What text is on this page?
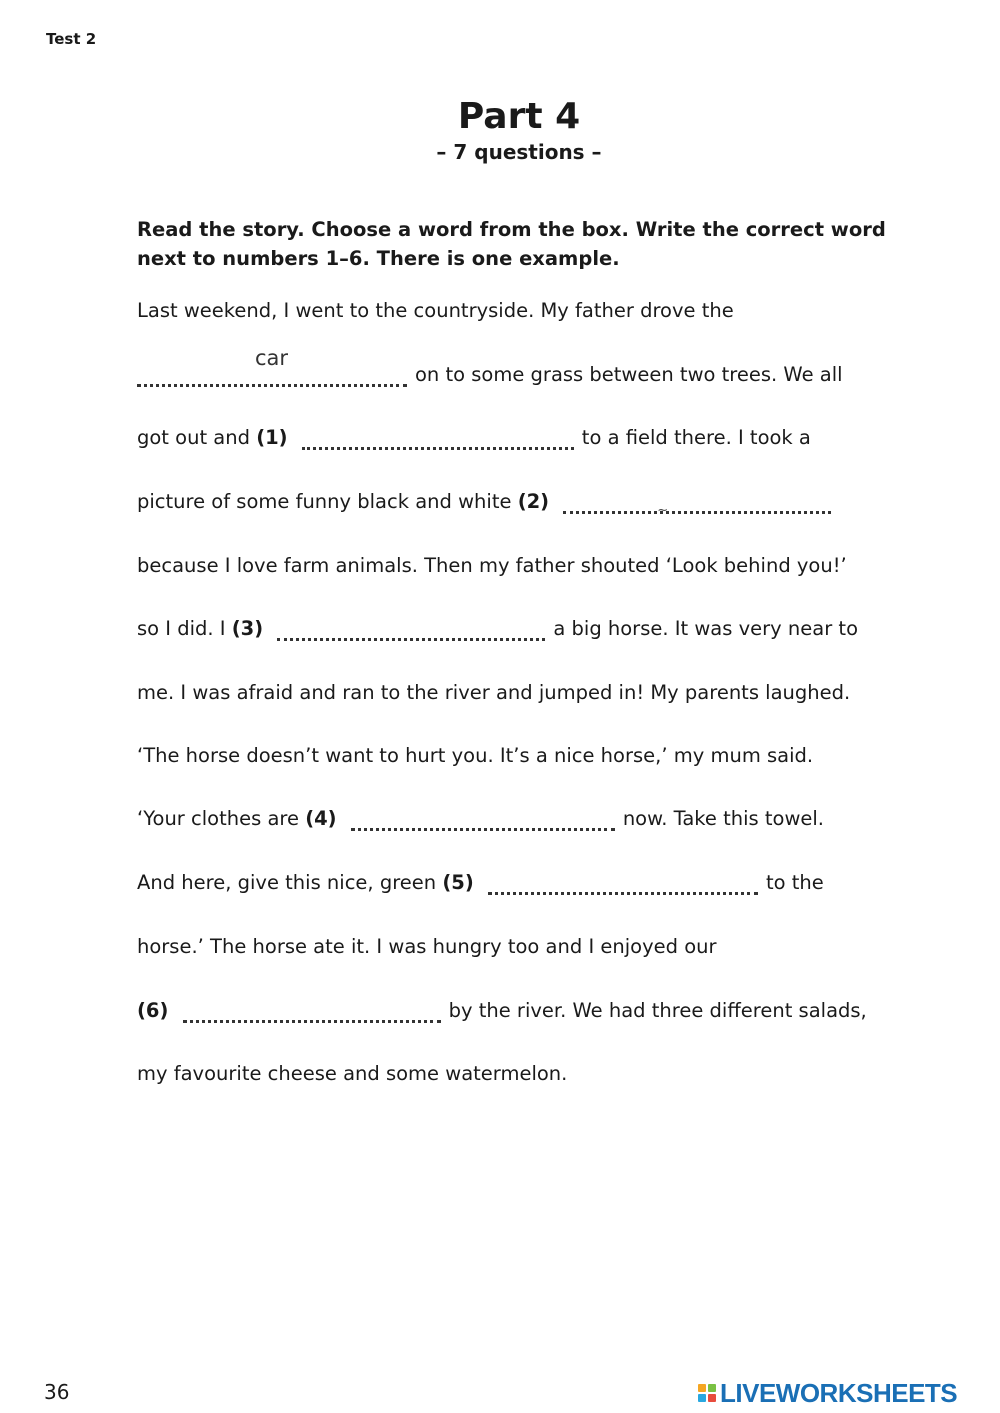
Test 2
Part 4
– 7 questions –
Read the story. Choose a word from the box. Write the correct word next to numbers 1–6. There is one example.
Last weekend, I went to the countryside. My father drove the
car
on to some grass between two trees. We all
got out and (1)	to a field there. I took a
picture of some funny black and white (2)	~
because I love farm animals. Then my father shouted ‘Look behind you!’
so I did. I (3)	a big horse. It was very near to
me. I was afraid and ran to the river and jumped in! My parents laughed.
‘The horse doesn’t want to hurt you. It’s a nice horse,’ my mum said.
‘Your clothes are (4)	now. Take this towel.
And here, give this nice, green (5)	to the
horse.’ The horse ate it. I was hungry too and I enjoyed our
(6)	by the river. We had three different salads,
my favourite cheese and some watermelon.
36	LIVEWORKSHEETS
